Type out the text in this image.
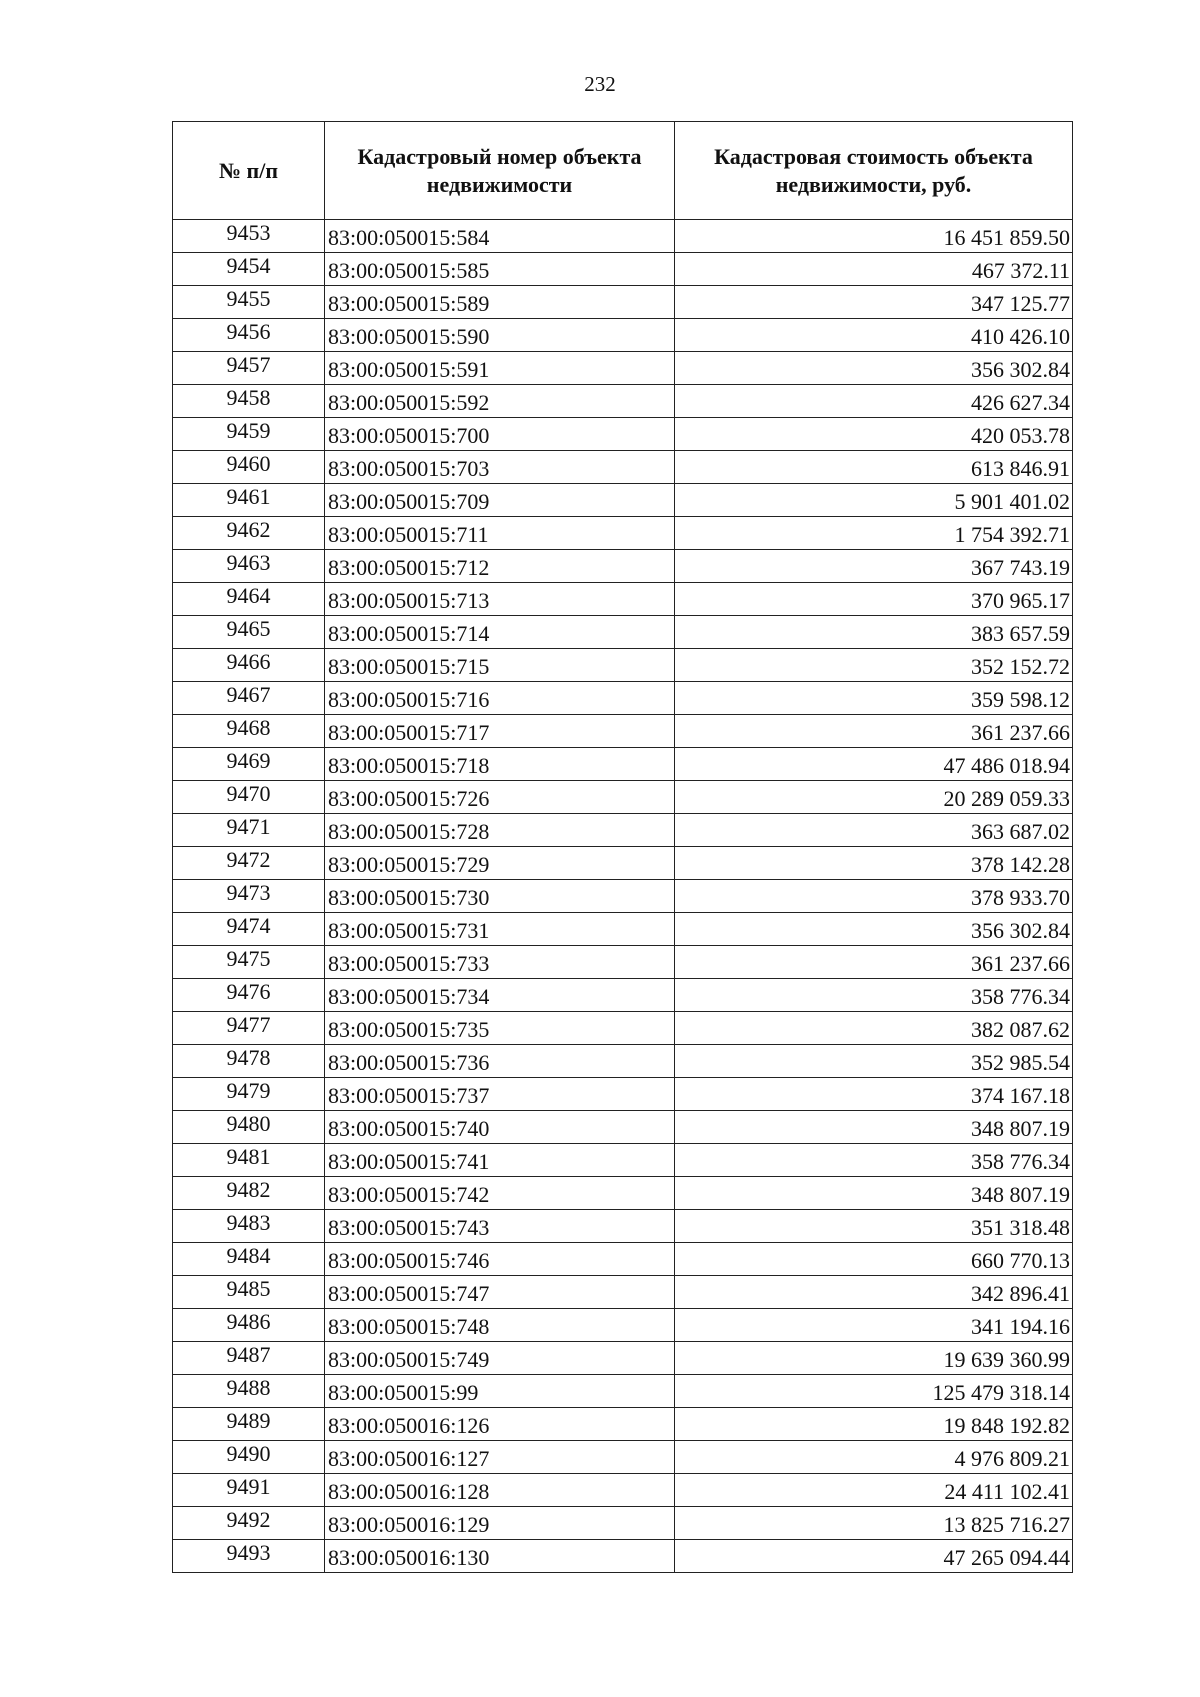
232
№ п/п	Кадастровый номер объекта недвижимости	Кадастровая стоимость объекта недвижимости, руб.
9453	83:00:050015:584	16 451 859.50
9454	83:00:050015:585	467 372.11
9455	83:00:050015:589	347 125.77
9456	83:00:050015:590	410 426.10
9457	83:00:050015:591	356 302.84
9458	83:00:050015:592	426 627.34
9459	83:00:050015:700	420 053.78
9460	83:00:050015:703	613 846.91
9461	83:00:050015:709	5 901 401.02
9462	83:00:050015:711	1 754 392.71
9463	83:00:050015:712	367 743.19
9464	83:00:050015:713	370 965.17
9465	83:00:050015:714	383 657.59
9466	83:00:050015:715	352 152.72
9467	83:00:050015:716	359 598.12
9468	83:00:050015:717	361 237.66
9469	83:00:050015:718	47 486 018.94
9470	83:00:050015:726	20 289 059.33
9471	83:00:050015:728	363 687.02
9472	83:00:050015:729	378 142.28
9473	83:00:050015:730	378 933.70
9474	83:00:050015:731	356 302.84
9475	83:00:050015:733	361 237.66
9476	83:00:050015:734	358 776.34
9477	83:00:050015:735	382 087.62
9478	83:00:050015:736	352 985.54
9479	83:00:050015:737	374 167.18
9480	83:00:050015:740	348 807.19
9481	83:00:050015:741	358 776.34
9482	83:00:050015:742	348 807.19
9483	83:00:050015:743	351 318.48
9484	83:00:050015:746	660 770.13
9485	83:00:050015:747	342 896.41
9486	83:00:050015:748	341 194.16
9487	83:00:050015:749	19 639 360.99
9488	83:00:050015:99	125 479 318.14
9489	83:00:050016:126	19 848 192.82
9490	83:00:050016:127	4 976 809.21
9491	83:00:050016:128	24 411 102.41
9492	83:00:050016:129	13 825 716.27
9493	83:00:050016:130	47 265 094.44
